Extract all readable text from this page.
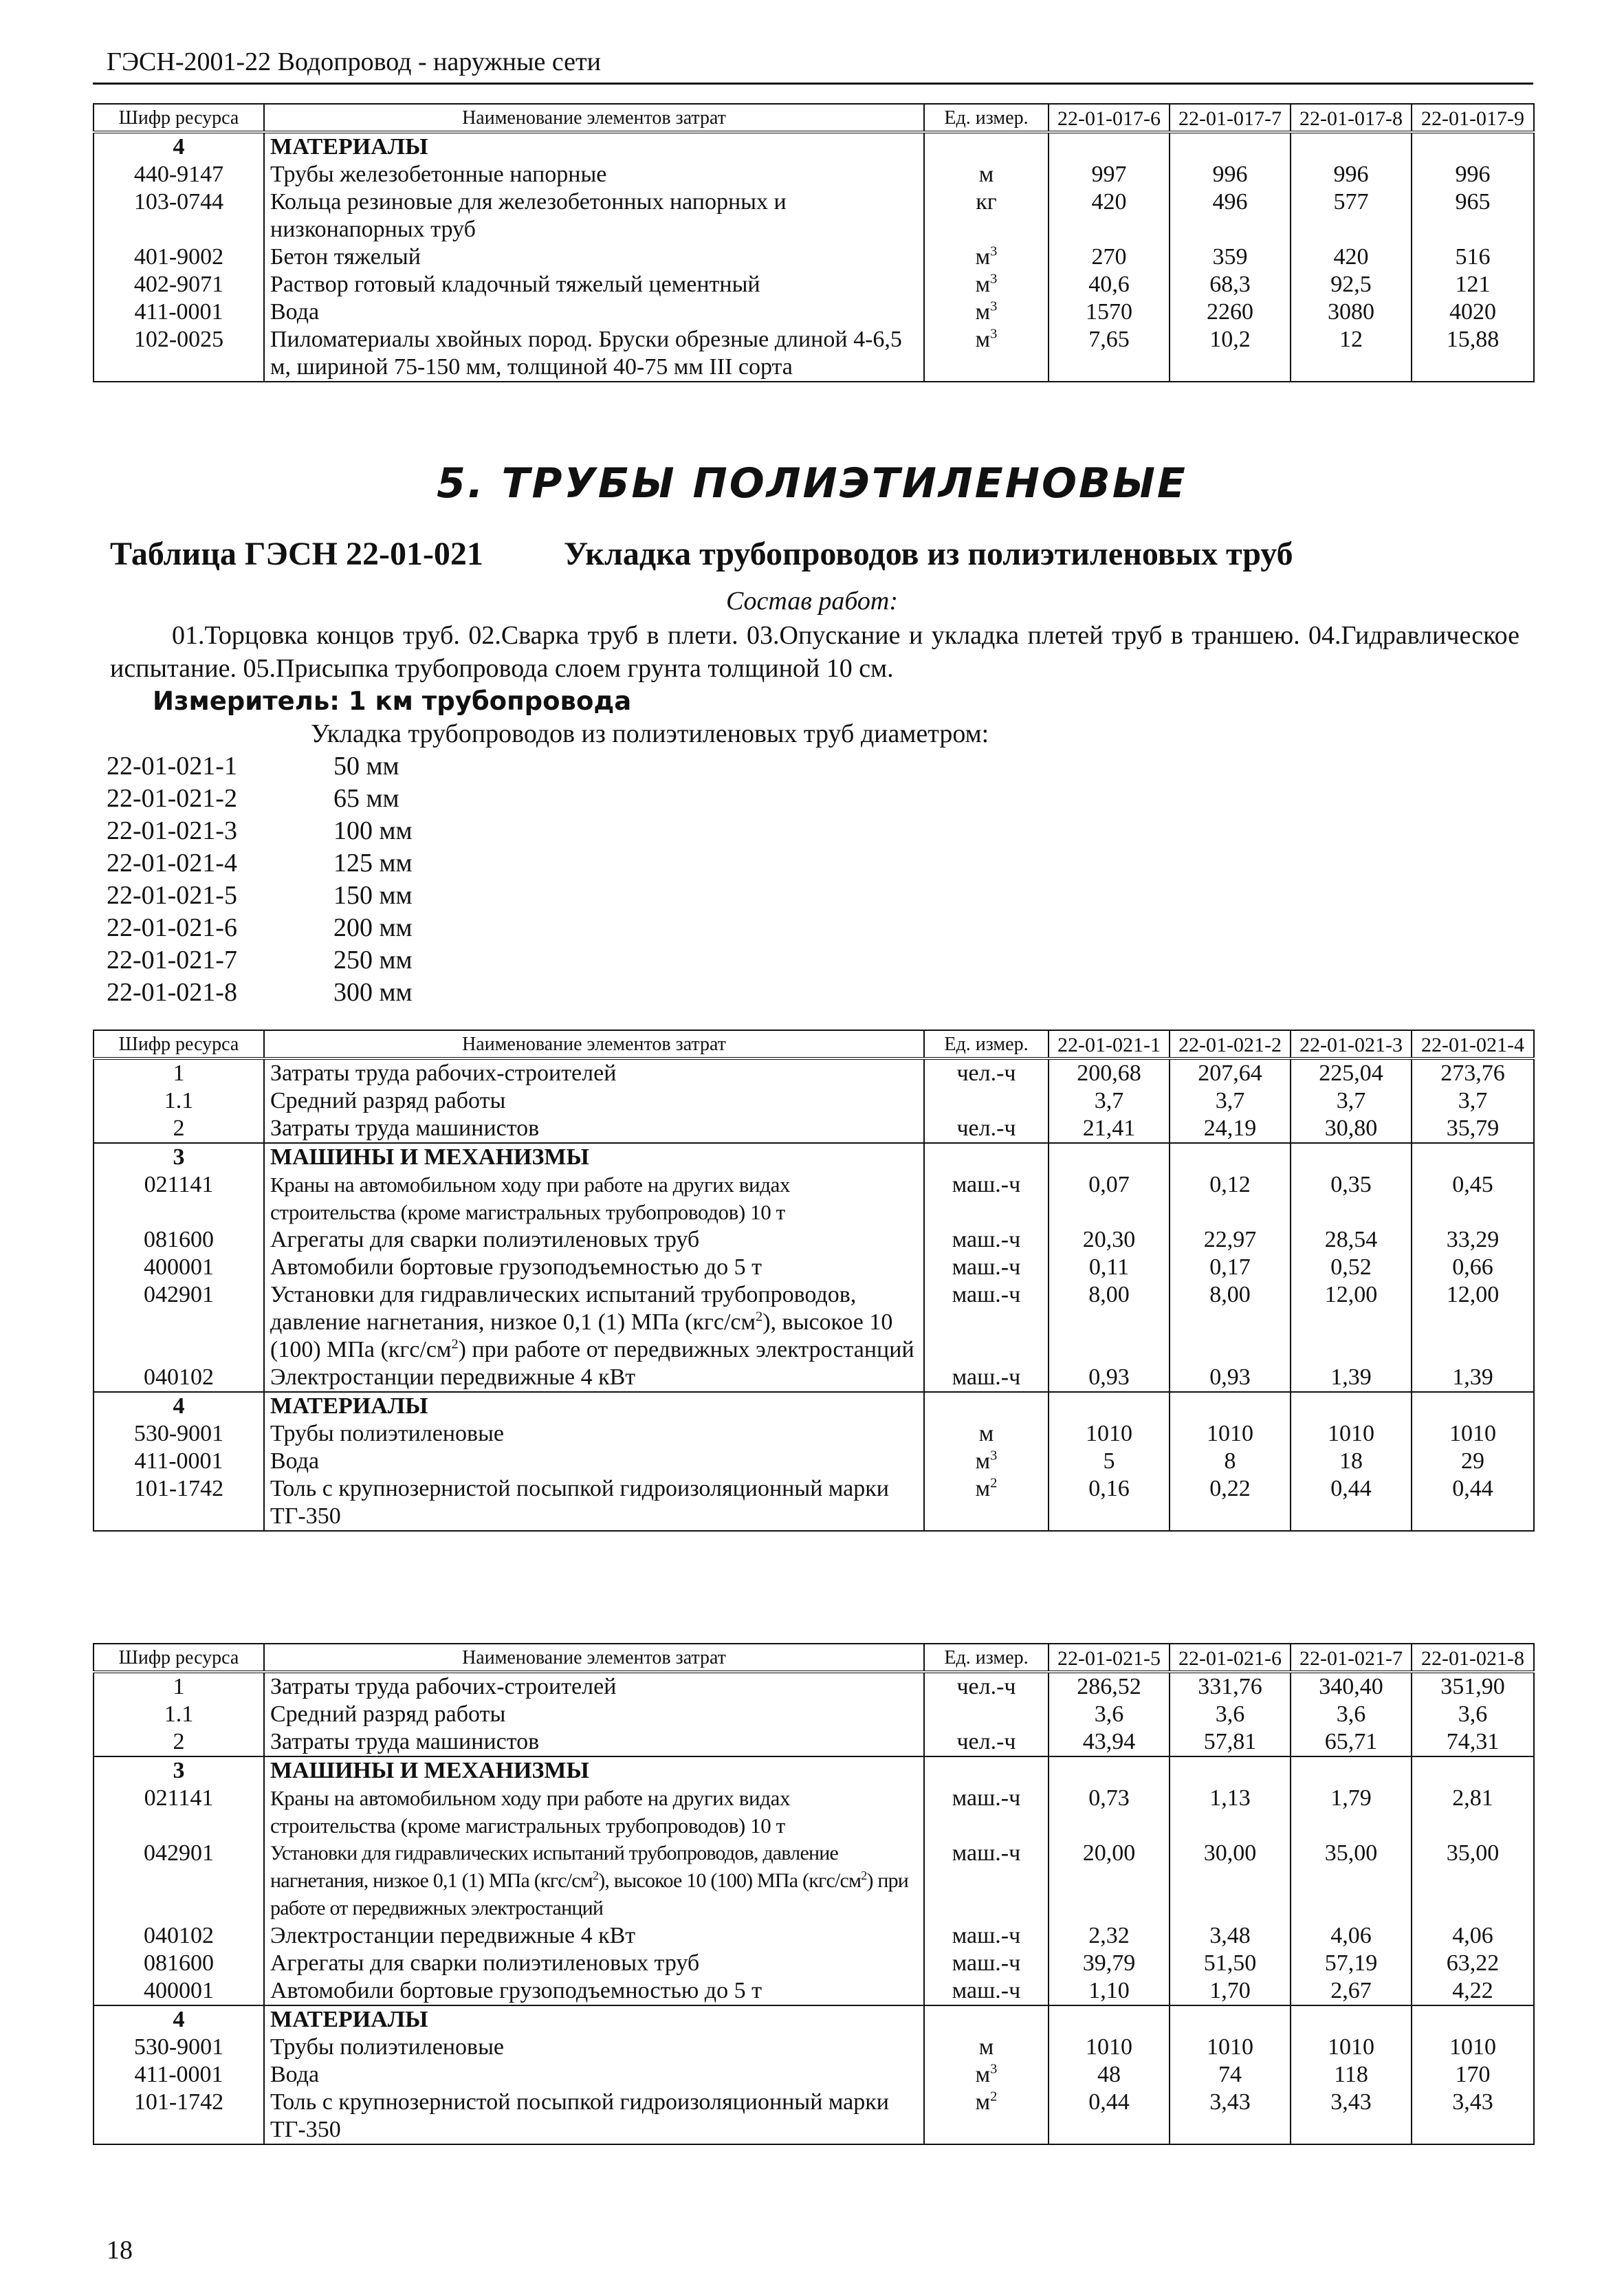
ГЭСН-2001-22 Водопровод - наружные сети
Шифр ресурса	Наименование элементов затрат	Ед. измер.	22-01-017-6	22-01-017-7	22-01-017-8	22-01-017-9
4	МАТЕРИАЛЫ					
440-9147	Трубы железобетонные напорные	м	997	996	996	996
103-0744	Кольца резиновые для железобетонных напорных и низконапорных труб	кг	420	496	577	965
401-9002	Бетон тяжелый	$м^3$	270	359	420	516
402-9071	Раствор готовый кладочный тяжелый цементный	$м^3$	40,6	68,3	92,5	121
411-0001	Вода	$м^3$	1570	2260	3080	4020
102-0025	Пиломатериалы хвойных пород. Бруски обрезные длиной 4-6,5 м, шириной 75-150 мм, толщиной 40-75 мм III сорта	$м^3$	7,65	10,2	12	15,88
5. ТРУБЫ ПОЛИЭТИЛЕНОВЫЕ
Таблица ГЭСН 22-01-021 Укладка трубопроводов из полиэтиленовых труб
Состав работ:
01.Торцовка концов труб. 02.Сварка труб в плети. 03.Опускание и укладка плетей труб в траншею. 04.Гидравлическое испытание. 05.Присыпка трубопровода слоем грунта толщиной 10 см.
Измеритель: 1 км трубопровода
Укладка трубопроводов из полиэтиленовых труб диаметром:
22-01-021-1	50 мм
22-01-021-2	65 мм
22-01-021-3	100 мм
22-01-021-4	125 мм
22-01-021-5	150 мм
22-01-021-6	200 мм
22-01-021-7	250 мм
22-01-021-8	300 мм
Шифр ресурса	Наименование элементов затрат	Ед. измер.	22-01-021-1	22-01-021-2	22-01-021-3	22-01-021-4
1	Затраты труда рабочих-строителей	чел.-ч	200,68	207,64	225,04	273,76
1.1	Средний разряд работы		3,7	3,7	3,7	3,7
2	Затраты труда машинистов	чел.-ч	21,41	24,19	30,80	35,79
3	МАШИНЫ И МЕХАНИЗМЫ					
021141	Краны на автомобильном ходу при работе на других видах строительства (кроме магистральных трубопроводов) 10 т	маш.-ч	0,07	0,12	0,35	0,45
081600	Агрегаты для сварки полиэтиленовых труб	маш.-ч	20,30	22,97	28,54	33,29
400001	Автомобили бортовые грузоподъемностью до 5 т	маш.-ч	0,11	0,17	0,52	0,66
042901	Установки для гидравлических испытаний трубопроводов, давление нагнетания, низкое 0,1 (1) МПа $(кгс/см^2)$, высокое 10 (100) МПа $(кгс/см^2)$ при работе от передвижных электростанций	маш.-ч	8,00	8,00	12,00	12,00
040102	Электростанции передвижные 4 кВт	маш.-ч	0,93	0,93	1,39	1,39
4	МАТЕРИАЛЫ					
530-9001	Трубы полиэтиленовые	м	1010	1010	1010	1010
411-0001	Вода	$м^3$	5	8	18	29
101-1742	Толь с крупнозернистой посыпкой гидроизоляционный марки ТГ-350	$м^2$	0,16	0,22	0,44	0,44
Шифр ресурса	Наименование элементов затрат	Ед. измер.	22-01-021-5	22-01-021-6	22-01-021-7	22-01-021-8
1	Затраты труда рабочих-строителей	чел.-ч	286,52	331,76	340,40	351,90
1.1	Средний разряд работы		3,6	3,6	3,6	3,6
2	Затраты труда машинистов	чел.-ч	43,94	57,81	65,71	74,31
3	МАШИНЫ И МЕХАНИЗМЫ					
021141	Краны на автомобильном ходу при работе на других видах строительства (кроме магистральных трубопроводов) 10 т	маш.-ч	0,73	1,13	1,79	2,81
042901	Установки для гидравлических испытаний трубопроводов, давление нагнетания, низкое 0,1 (1) МПа $(кгс/см^2)$, высокое 10 (100) МПа $(кгс/см^2)$ при работе от передвижных электростанций	маш.-ч	20,00	30,00	35,00	35,00
040102	Электростанции передвижные 4 кВт	маш.-ч	2,32	3,48	4,06	4,06
081600	Агрегаты для сварки полиэтиленовых труб	маш.-ч	39,79	51,50	57,19	63,22
400001	Автомобили бортовые грузоподъемностью до 5 т	маш.-ч	1,10	1,70	2,67	4,22
4	МАТЕРИАЛЫ					
530-9001	Трубы полиэтиленовые	м	1010	1010	1010	1010
411-0001	Вода	$м^3$	48	74	118	170
101-1742	Толь с крупнозернистой посыпкой гидроизоляционный марки ТГ-350	$м^2$	0,44	3,43	3,43	3,43
18
